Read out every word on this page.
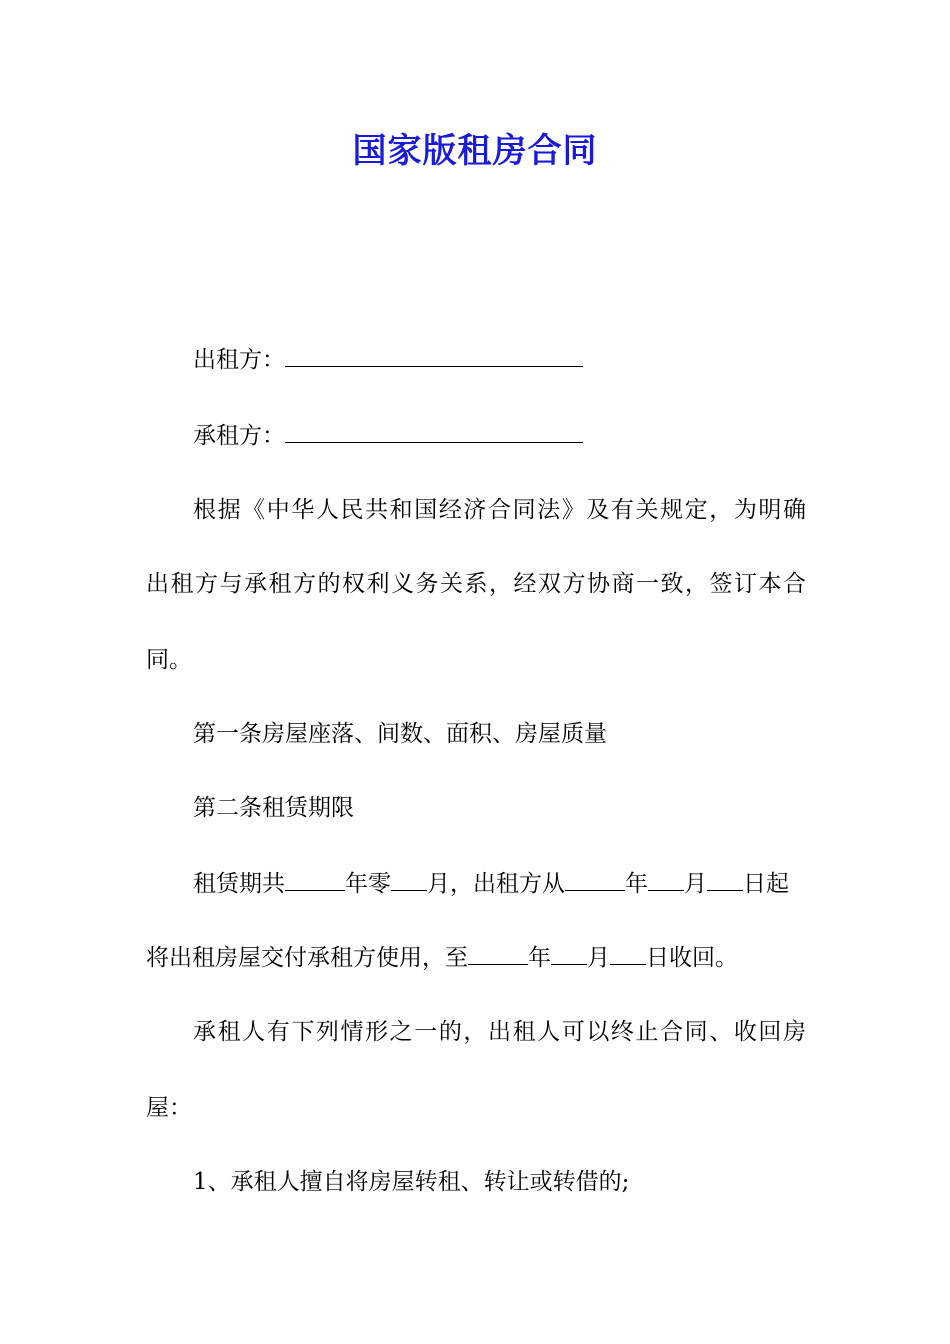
国家版租房合同

出租方：

承租方：

根据《中华人民共和国经济合同法》及有关规定，为明确

出租方与承租方的权利义务关系，经双方协商一致，签订本合

同。

第一条房屋座落、间数、面积、房屋质量

第二条租赁期限

租赁期共	年零 月，出租方从	年 月 日起

将出租房屋交付承租方使用，至	年 月 日收回。

承租人有下列情形之一的，出租人可以终止合同、收回房

屋：

1、承租人擅自将房屋转租、转让或转借的;
